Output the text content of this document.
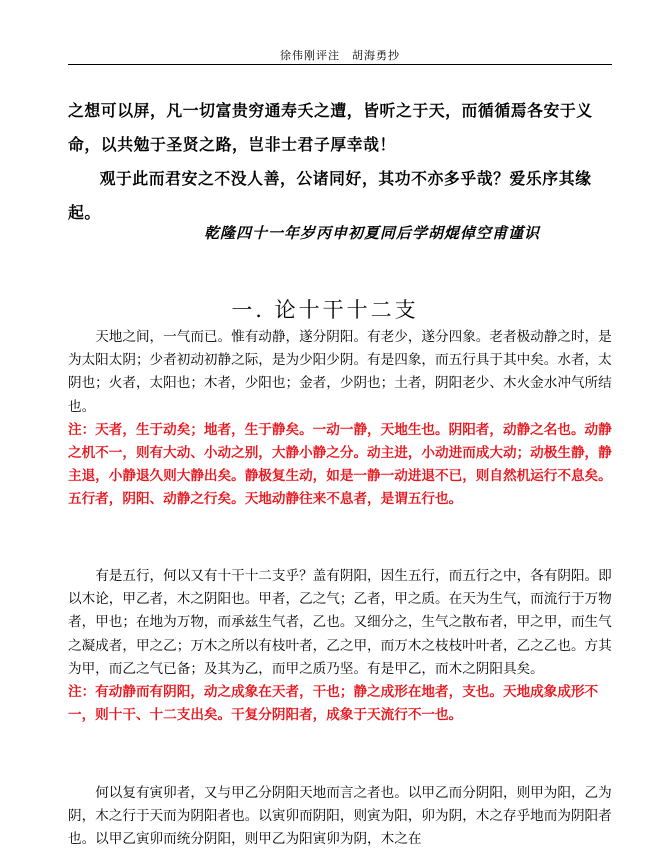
徐伟刚评注　胡海勇抄

之想可以屏，凡一切富贵穷通寿夭之遭，皆听之于天，而循循焉各安于义命，以共勉于圣贤之路，岂非士君子厚幸哉！

观于此而君安之不没人善，公诸同好，其功不亦多乎哉？爱乐序其缘起。

乾隆四十一年岁丙申初夏同后学胡焜倬空甫谨识
一. 论十干十二支

天地之间，一气而已。惟有动静，遂分阴阳。有老少，遂分四象。老者极动静之时，是为太阳太阴；少者初动初静之际，是为少阳少阴。有是四象，而五行具于其中矣。水者，太阴也；火者，太阳也；木者，少阳也；金者，少阴也；土者，阴阳老少、木火金水冲气所结也。

注：天者，生于动矣；地者，生于静矣。一动一静，天地生也。阴阳者，动静之名也。动静之机不一，则有大动、小动之别，大静小静之分。动主进，小动进而成大动；动极生静，静主退，小静退久则大静出矣。静极复生动，如是一静一动进退不已，则自然机运行不息矣。五行者，阴阳、动静之行矣。天地动静往来不息者，是谓五行也。

有是五行，何以又有十干十二支乎？盖有阴阳，因生五行，而五行之中，各有阴阳。即以木论，甲乙者，木之阴阳也。甲者，乙之气；乙者，甲之质。在天为生气，而流行于万物者，甲也；在地为万物，而承兹生气者，乙也。又细分之，生气之散布者，甲之甲，而生气之凝成者，甲之乙；万木之所以有枝叶者，乙之甲，而万木之枝枝叶叶者，乙之乙也。方其为甲，而乙之气已备；及其为乙，而甲之质乃坚。有是甲乙，而木之阴阳具矣。

注：有动静而有阴阳，动之成象在天者，干也；静之成形在地者，支也。天地成象成形不一，则十干、十二支出矣。干复分阴阳者，成象于天流行不一也。

何以复有寅卯者，又与甲乙分阴阳天地而言之者也。以甲乙而分阴阳，则甲为阳，乙为阴，木之行于天而为阴阳者也。以寅卯而阴阳，则寅为阳，卯为阴，木之存乎地而为阴阳者也。以甲乙寅卯而统分阴阳，则甲乙为阳寅卯为阴，木之在
